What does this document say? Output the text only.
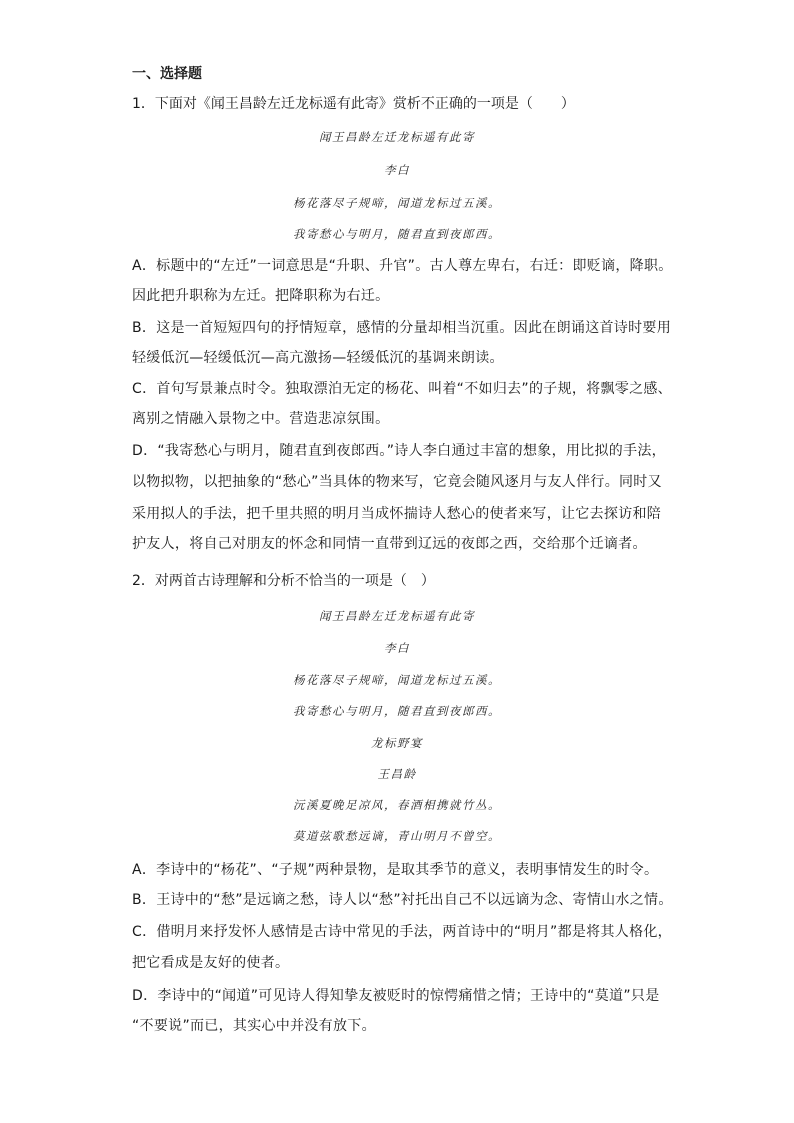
一、选择题
1．下面对《闻王昌龄左迁龙标遥有此寄》赏析不正确的一项是（　　）
闻王昌龄左迁龙标遥有此寄
李白
杨花落尽子规啼，闻道龙标过五溪。
我寄愁心与明月，随君直到夜郎西。
A．标题中的“左迁”一词意思是“升职、升官”。古人尊左卑右，右迁：即贬谪，降职。
因此把升职称为左迁。把降职称为右迁。
B．这是一首短短四句的抒情短章，感情的分量却相当沉重。因此在朗诵这首诗时要用
轻缓低沉—轻缓低沉—高亢激扬—轻缓低沉的基调来朗读。
C．首句写景兼点时令。独取漂泊无定的杨花、叫着“不如归去”的子规，将飘零之感、
离别之情融入景物之中。营造悲凉氛围。
D．“我寄愁心与明月，随君直到夜郎西。”诗人李白通过丰富的想象，用比拟的手法，
以物拟物，以把抽象的“愁心”当具体的物来写，它竟会随风逐月与友人伴行。同时又
采用拟人的手法，把千里共照的明月当成怀揣诗人愁心的使者来写，让它去探访和陪
护友人，将自己对朋友的怀念和同情一直带到辽远的夜郎之西，交给那个迁谪者。
2．对两首古诗理解和分析不恰当的一项是（　）
闻王昌龄左迁龙标遥有此寄
李白
杨花落尽子规啼，闻道龙标过五溪。
我寄愁心与明月，随君直到夜郎西。
龙标野宴
王昌龄
沅溪夏晚足凉风，春酒相携就竹丛。
莫道弦歌愁远谪，青山明月不曾空。
A．李诗中的“杨花”、“子规”两种景物，是取其季节的意义，表明事情发生的时令。
B．王诗中的“愁”是远谪之愁，诗人以“愁”衬托出自己不以远谪为念、寄情山水之情。
C．借明月来抒发怀人感情是古诗中常见的手法，两首诗中的“明月”都是将其人格化，
把它看成是友好的使者。
D．李诗中的“闻道”可见诗人得知挚友被贬时的惊愕痛惜之情；王诗中的“莫道”只是
“不要说”而已，其实心中并没有放下。
